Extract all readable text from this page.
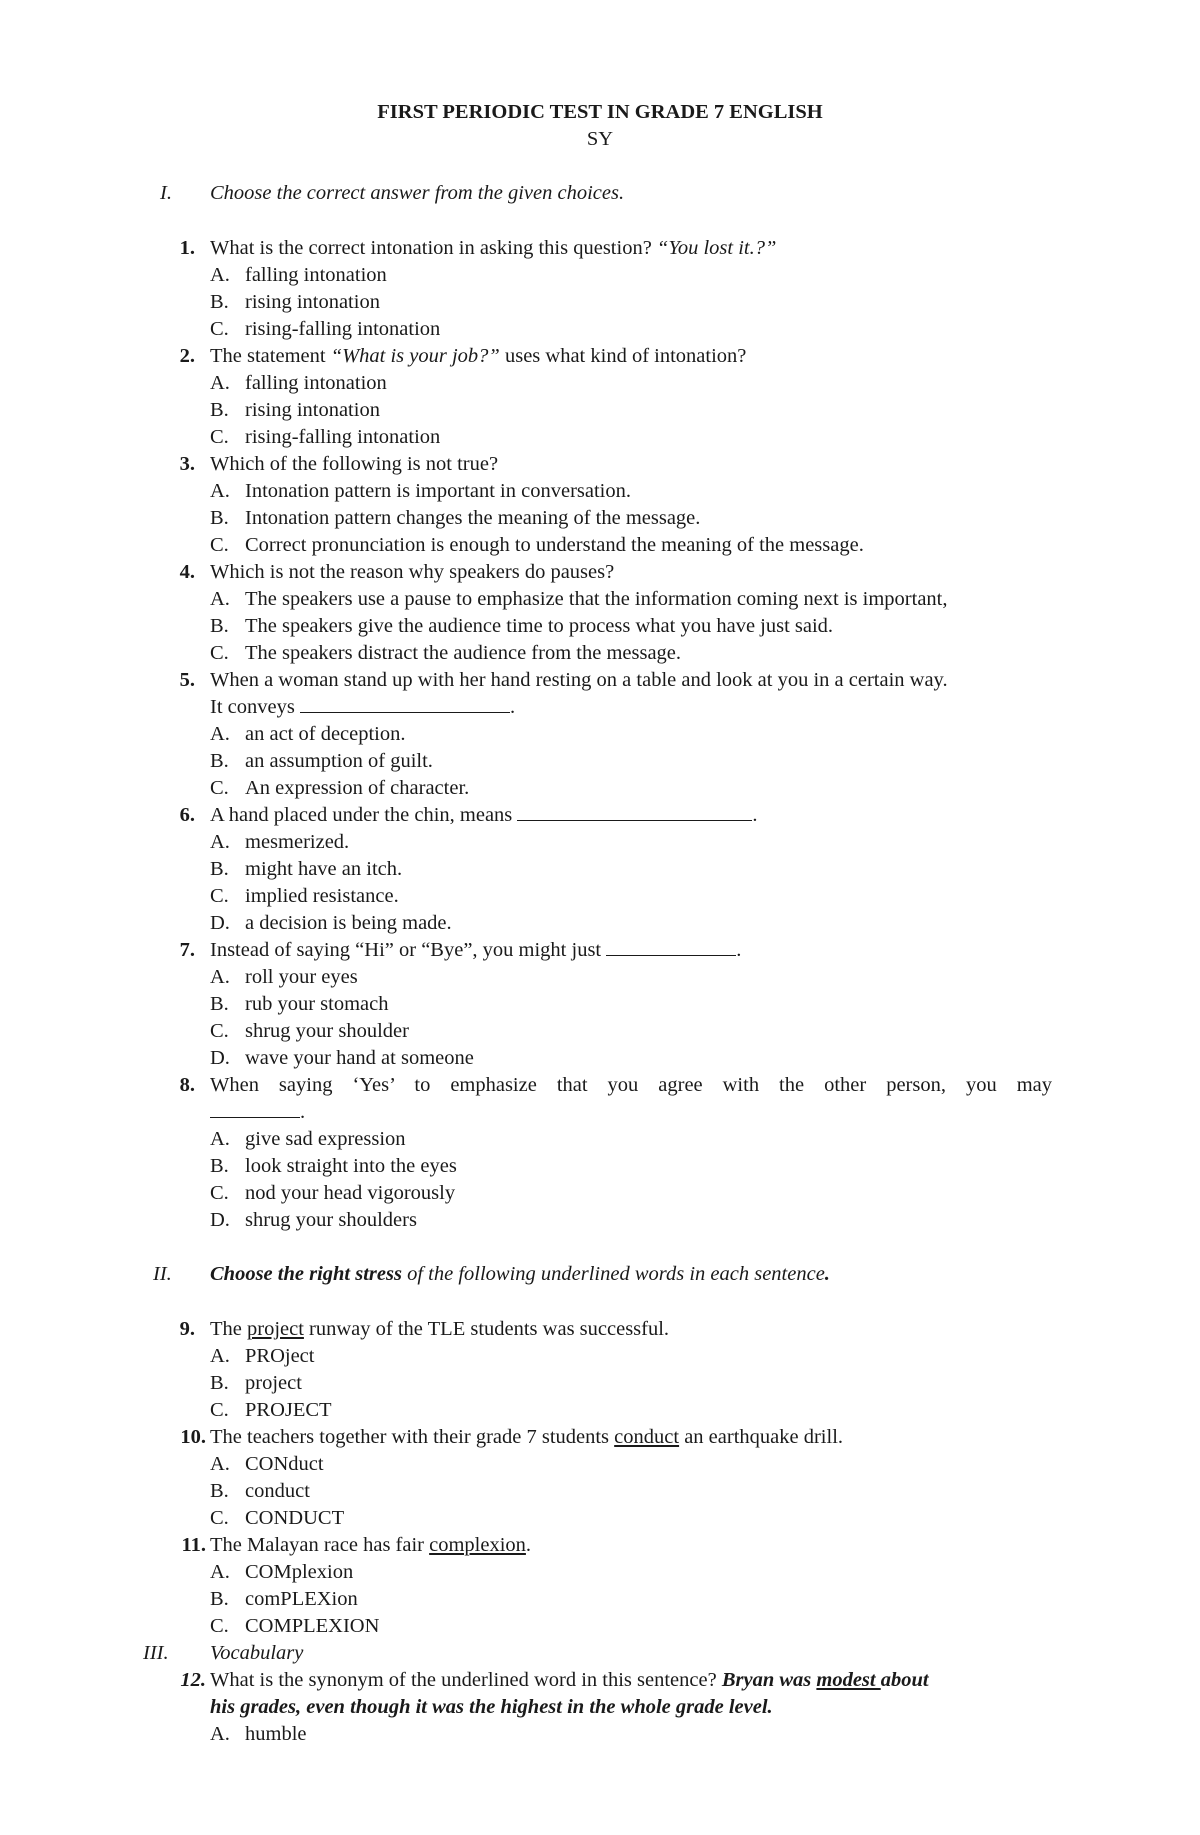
FIRST PERIODIC TEST IN GRADE 7 ENGLISH
SY
I. Choose the correct answer from the given choices.
1. What is the correct intonation in asking this question? “You lost it.?”
A. falling intonation
B. rising intonation
C. rising-falling intonation
2. The statement “What is your job?” uses what kind of intonation?
A. falling intonation
B. rising intonation
C. rising-falling intonation
3. Which of the following is not true?
A. Intonation pattern is important in conversation.
B. Intonation pattern changes the meaning of the message.
C. Correct pronunciation is enough to understand the meaning of the message.
4. Which is not the reason why speakers do pauses?
A. The speakers use a pause to emphasize that the information coming next is important,
B. The speakers give the audience time to process what you have just said.
C. The speakers distract the audience from the message.
5. When a woman stand up with her hand resting on a table and look at you in a certain way.
It conveys	.
A. an act of deception.
B. an assumption of guilt.
C. An expression of character.
6. A hand placed under the chin, means	.
A. mesmerized.
B. might have an itch.
C. implied resistance.
D. a decision is being made.
7. Instead of saying “Hi” or “Bye”, you might just	.
A. roll your eyes
B. rub your stomach
C. shrug your shoulder
D. wave your hand at someone
8. When saying ‘Yes’ to emphasize that you agree with the other person, you may
.
A. give sad expression
B. look straight into the eyes
C. nod your head vigorously
D. shrug your shoulders
II. Choose the right stress of the following underlined words in each sentence.
9. The project runway of the TLE students was successful.
A. PROject
B. project
C. PROJECT
10. The teachers together with their grade 7 students conduct an earthquake drill.
A. CONduct
B. conduct
C. CONDUCT
11. The Malayan race has fair complexion.
A. COMplexion
B. comPLEXion
C. COMPLEXION
III. Vocabulary
12. What is the synonym of the underlined word in this sentence? Bryan was modest about
his grades, even though it was the highest in the whole grade level.
A. humble
